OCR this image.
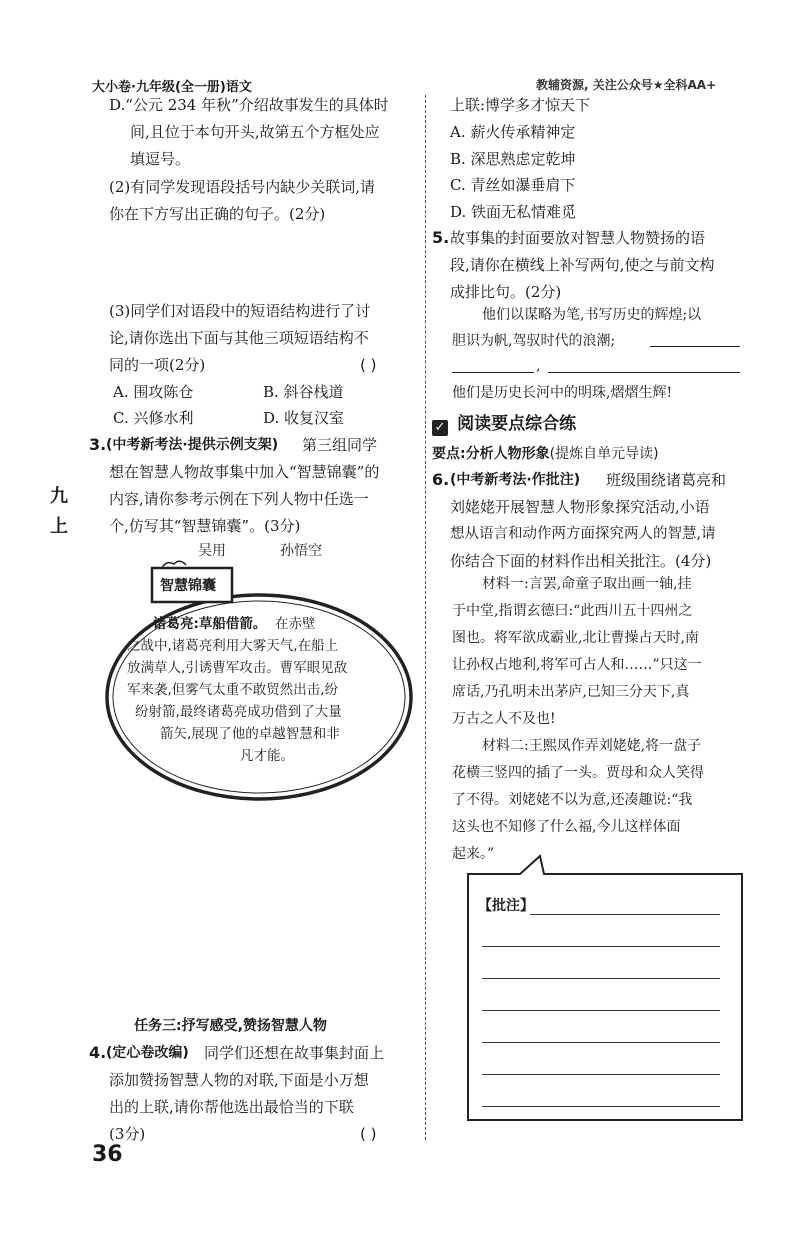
大小卷·九年级(全一册)语文	教辅资源, 关注公众号★全科AA+
九
上
D.“公元 234 年秋”介绍故事发生的具体时
间,且位于本句开头,故第五个方框处应
填逗号。
(2)有同学发现语段括号内缺少关联词,请
你在下方写出正确的句子。(2分)
(3)同学们对语段中的短语结构进行了讨
论,请你选出下面与其他三项短语结构不
同的一项(2分)	( )
A. 围攻陈仓	B. 斜谷栈道
C. 兴修水利	D. 收复汉室
3. (中考新考法·提供示例支架) 第三组同学
想在智慧人物故事集中加入“智慧锦囊”的
内容,请你参考示例在下列人物中任选一
个,仿写其“智慧锦囊”。(3分)
吴用	孙悟空
智慧锦囊
诸葛亮:草船借箭。 在赤壁
之战中,诸葛亮利用大雾天气,在船上
放满草人,引诱曹军攻击。曹军眼见敌
军来袭,但雾气太重不敢贸然出击,纷
纷射箭,最终诸葛亮成功借到了大量
箭矢,展现了他的卓越智慧和非
凡才能。
任务三:抒写感受,赞扬智慧人物
4. (定心卷改编) 同学们还想在故事集封面上
添加赞扬智慧人物的对联,下面是小万想
出的上联,请你帮他选出最恰当的下联
(3分)	( )
36
上联:博学多才惊天下
A. 薪火传承精神定
B. 深思熟虑定乾坤
C. 青丝如瀑垂肩下
D. 铁面无私情难觅
5. 故事集的封面要放对智慧人物赞扬的语
段,请你在横线上补写两句,使之与前文构
成排比句。(2分)
他们以谋略为笔,书写历史的辉煌;以
胆识为帆,驾驭时代的浪潮;
,
他们是历史长河中的明珠,熠熠生辉!
✓ 阅读要点综合练
要点:分析人物形象(提炼自单元导读)
6. (中考新考法·作批注) 班级围绕诸葛亮和
刘姥姥开展智慧人物形象探究活动,小语
想从语言和动作两方面探究两人的智慧,请
你结合下面的材料作出相关批注。(4分)
材料一:言罢,命童子取出画一轴,挂
于中堂,指谓玄德曰:“此西川五十四州之
图也。将军欲成霸业,北让曹操占天时,南
让孙权占地利,将军可占人和……”只这一
席话,乃孔明未出茅庐,已知三分天下,真
万古之人不及也!
材料二:王熙凤作弄刘姥姥,将一盘子
花横三竖四的插了一头。贾母和众人笑得
了不得。刘姥姥不以为意,还凑趣说:“我
这头也不知修了什么福,今儿这样体面
起来。”
【批注】
